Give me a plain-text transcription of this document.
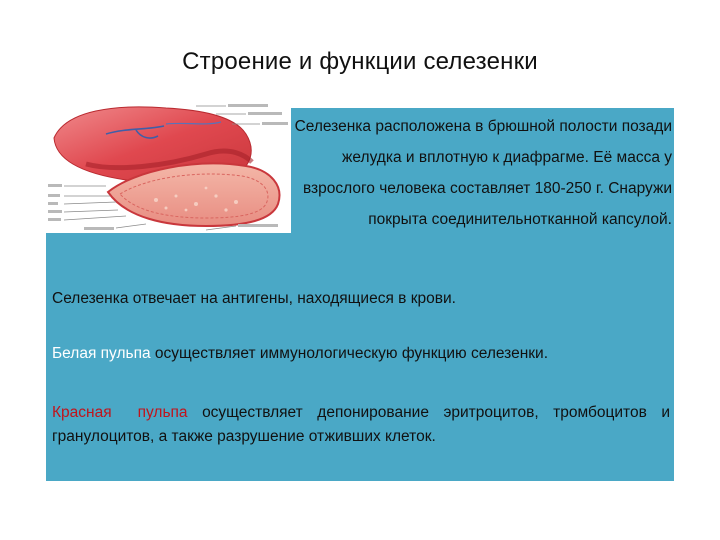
Строение и функции селезенки
Селезенка расположена в брюшной полости позади желудка и вплотную к диафрагме. Её масса у взрослого человека составляет 180-250 г. Снаружи покрыта соединительнотканной капсулой.
Селезенка отвечает на антигены, находящиеся в крови.
Белая пульпа осуществляет иммунологическую функцию селезенки.
Красная пульпа осуществляет депонирование эритроцитов, тромбоцитов и гранулоцитов, а также разрушение отживших клеток.
